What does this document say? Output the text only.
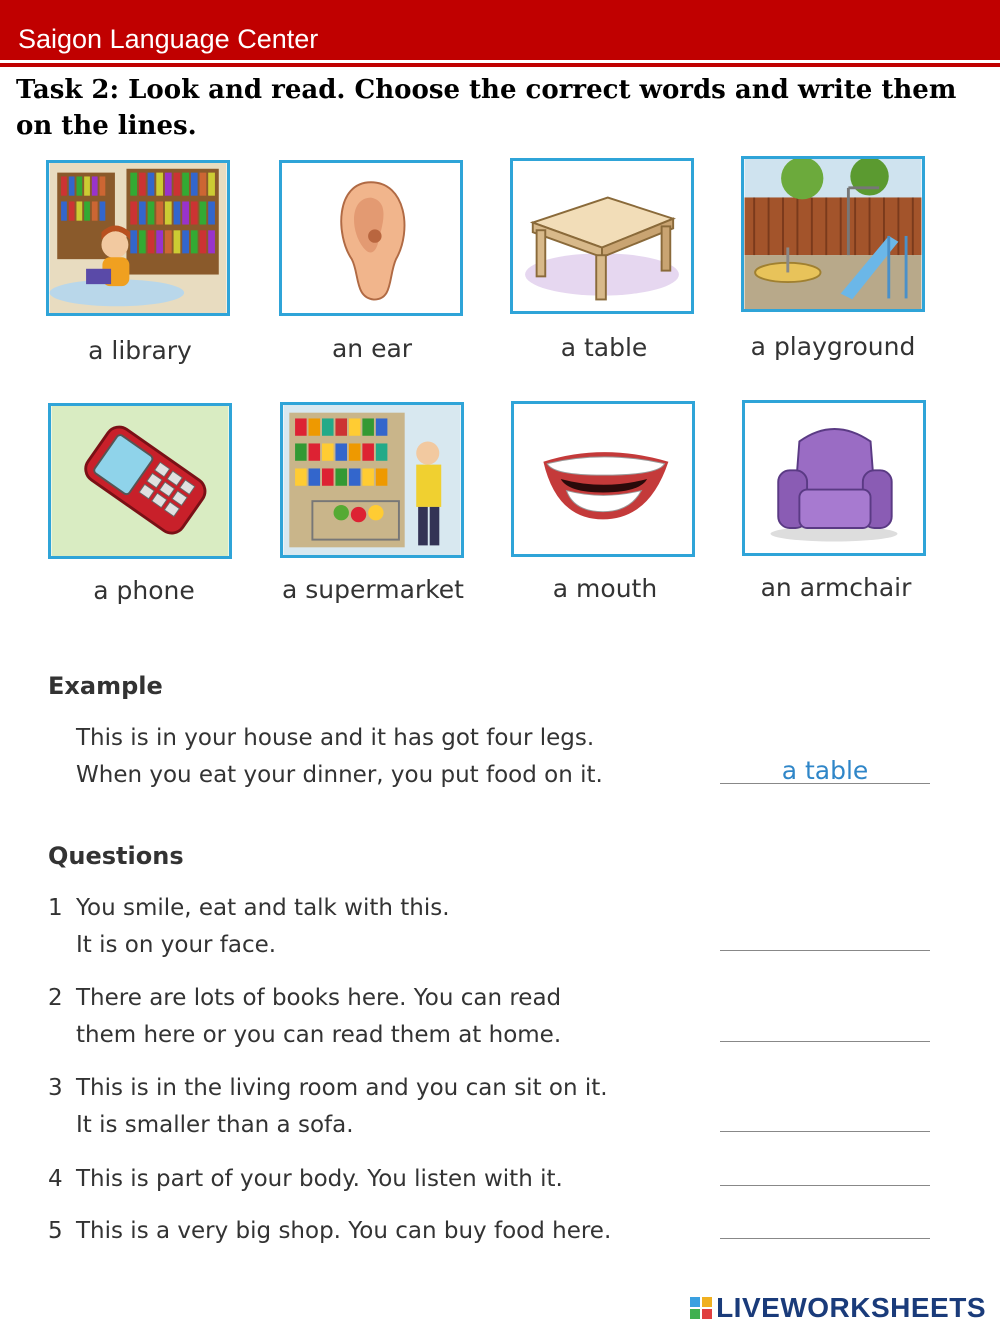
Saigon Language Center
Task 2: Look and read. Choose the correct words and write them on the lines.
a library	an ear	a table	a playground
a phone	a supermarket	a mouth	an armchair
Example
This is in your house and it has got four legs.
When you eat your dinner, you put food on it.	a table
Questions
1 You smile, eat and talk with this.
It is on your face.
2 There are lots of books here. You can read
them here or you can read them at home.
3 This is in the living room and you can sit on it.
It is smaller than a sofa.
4 This is part of your body. You listen with it.
5 This is a very big shop. You can buy food here.
LIVEWORKSHEETS
